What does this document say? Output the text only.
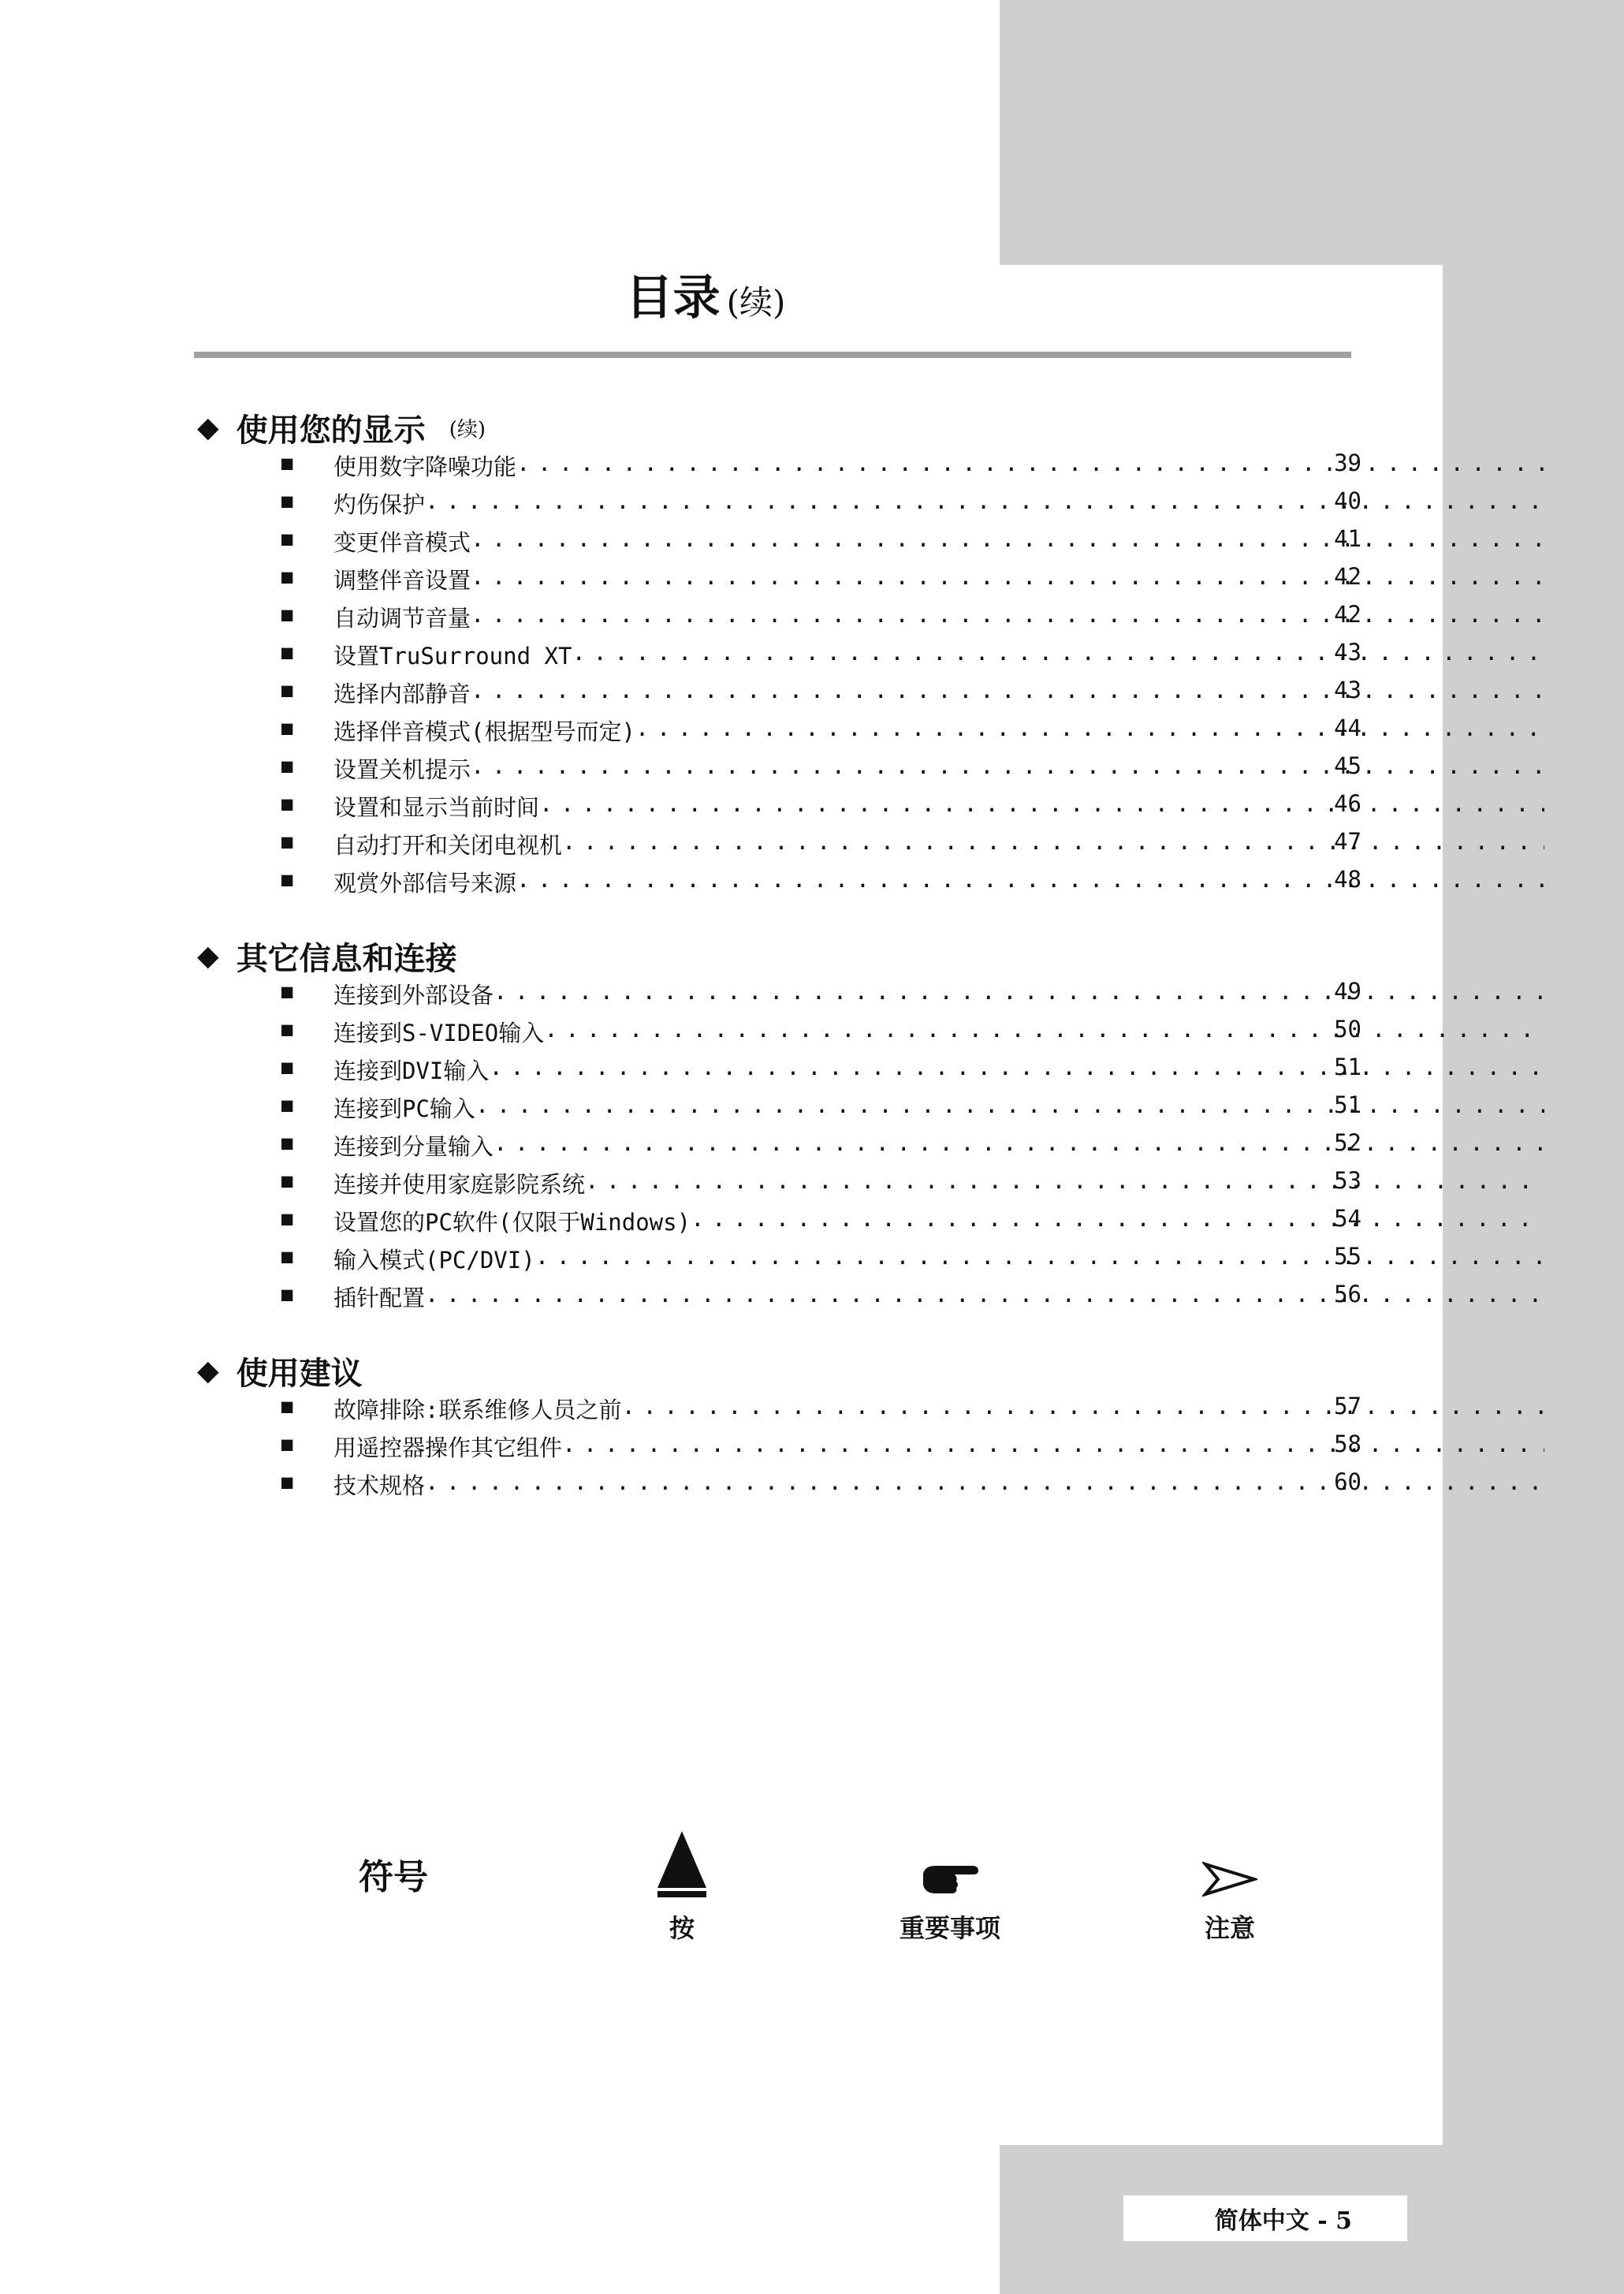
目录 (续)
◆ 使用您的显示 (续)
■ 使用数字降噪功能 . . .	39
■ 灼伤保护 . . .	40
■ 变更伴音模式 . . .	41
■ 调整伴音设置 . . .	42
■ 自动调节音量 . . .	42
■ 设置TruSurround XT . . .	43
■ 选择内部静音 . . .	43
■ 选择伴音模式(根据型号而定) . . .	44
■ 设置关机提示 . . .	45
■ 设置和显示当前时间 . . .	46
■ 自动打开和关闭电视机 . . .	47
■ 观赏外部信号来源 . . .	48
◆ 其它信息和连接
■ 连接到外部设备 . . .	49
■ 连接到S-VIDEO输入 . . .	50
■ 连接到DVI输入 . . .	51
■ 连接到PC输入 . . .	51
■ 连接到分量输入 . . .	52
■ 连接并使用家庭影院系统 . . .	53
■ 设置您的PC软件(仅限于Windows) . . .	54
■ 输入模式(PC/DVI) . . .	55
■ 插针配置 . . .	56
◆ 使用建议
■ 故障排除:联系维修人员之前 . . .	57
■ 用遥控器操作其它组件 . . .	58
■ 技术规格 . . .	60
符号
按	重要事项	注意
简体中文 - 5
